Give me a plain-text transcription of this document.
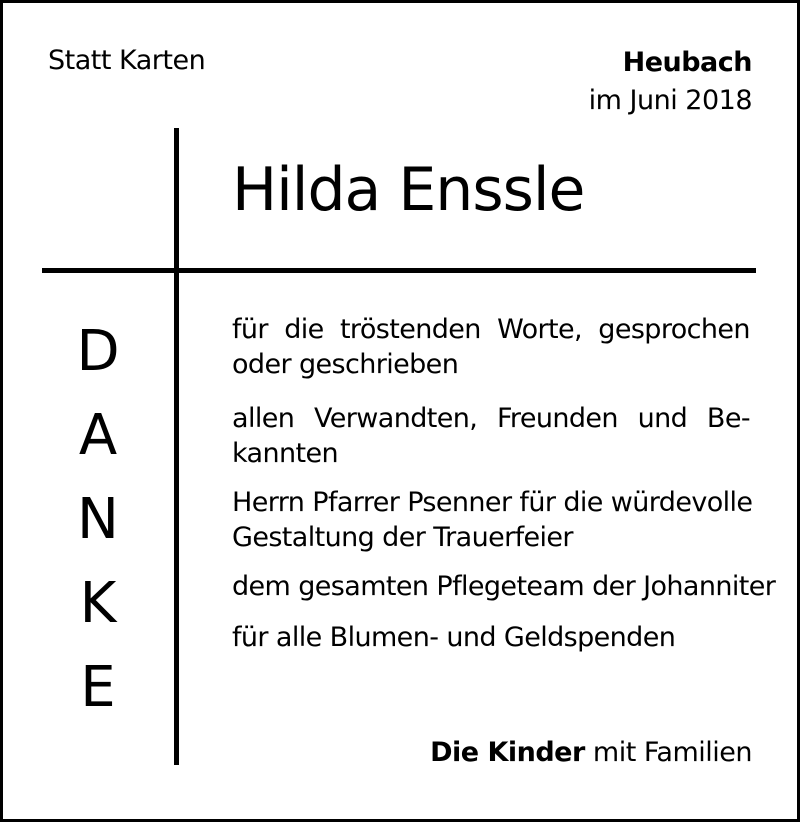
Statt Karten	Heubach
im Juni 2018
Hilda Enssle
D
A
N
K
E
für die tröstenden Worte, gesprochen
oder geschrieben
allen Verwandten, Freunden und Be-
kannten
Herrn Pfarrer Psenner für die würdevolle
Gestaltung der Trauerfeier
dem gesamten Pflegeteam der Johanniter
für alle Blumen- und Geldspenden
Die Kinder mit Familien
